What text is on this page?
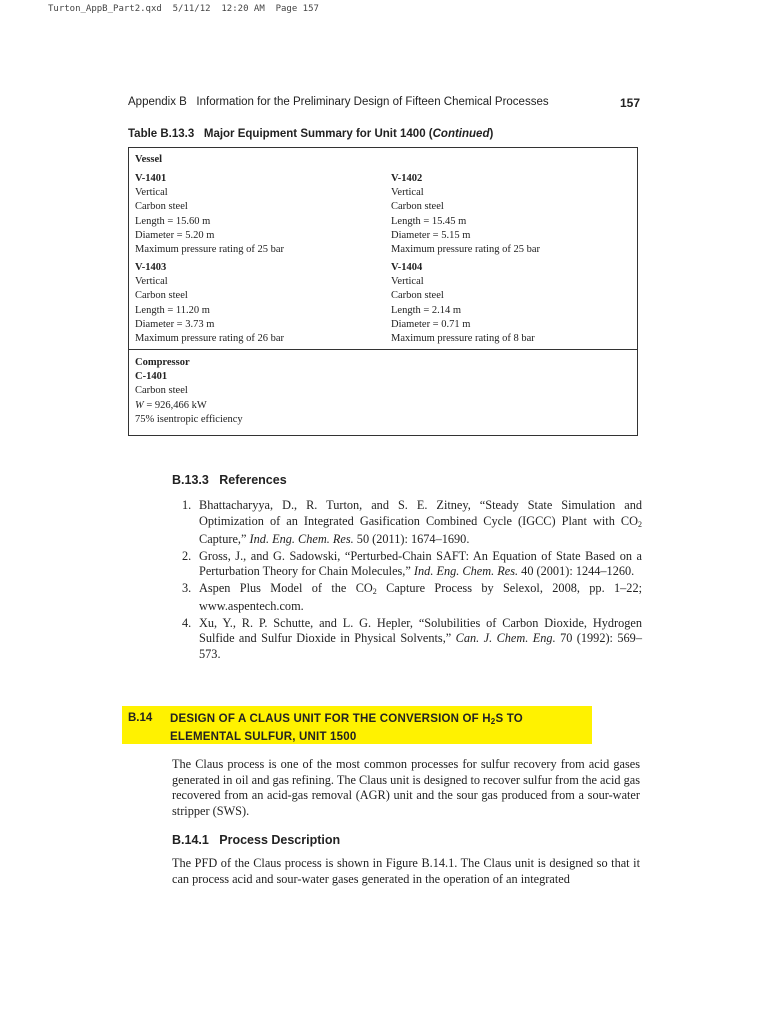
Turton_AppB_Part2.qxd  5/11/12  12:20 AM  Page 157
Appendix B Information for the Preliminary Design of Fifteen Chemical Processes	157
Table B.13.3 Major Equipment Summary for Unit 1400 (Continued)
Vessel
V-1401
Vertical
Carbon steel
Length = 15.60 m
Diameter = 5.20 m
Maximum pressure rating of 25 bar
V-1402
Vertical
Carbon steel
Length = 15.45 m
Diameter = 5.15 m
Maximum pressure rating of 25 bar
V-1403
Vertical
Carbon steel
Length = 11.20 m
Diameter = 3.73 m
Maximum pressure rating of 26 bar
V-1404
Vertical
Carbon steel
Length = 2.14 m
Diameter = 0.71 m
Maximum pressure rating of 8 bar
Compressor
C-1401
Carbon steel
W = 926,466 kW
75% isentropic efficiency
B.13.3   References
1. Bhattacharyya, D., R. Turton, and S. E. Zitney, “Steady State Simulation and Optimization of an Integrated Gasification Combined Cycle (IGCC) Plant with $CO_2$ Capture,” Ind. Eng. Chem. Res. 50 (2011): 1674–1690.
2. Gross, J., and G. Sadowski, “Perturbed-Chain SAFT: An Equation of State Based on a Perturbation Theory for Chain Molecules,” Ind. Eng. Chem. Res. 40 (2001): 1244–1260.
3. Aspen Plus Model of the $CO_2$ Capture Process by Selexol, 2008, pp. 1–22; www.aspentech.com.
4. Xu, Y., R. P. Schutte, and L. G. Hepler, “Solubilities of Carbon Dioxide, Hydrogen Sulfide and Sulfur Dioxide in Physical Solvents,” Can. J. Chem. Eng. 70 (1992): 569–573.
B.14 DESIGN OF A CLAUS UNIT FOR THE CONVERSION OF $H_2S$ TO ELEMENTAL SULFUR, UNIT 1500

The Claus process is one of the most common processes for sulfur recovery from acid gases generated in oil and gas refining. The Claus unit is designed to recover sulfur from the acid gas recovered from an acid-gas removal (AGR) unit and the sour gas produced from a sour-water stripper (SWS).

B.14.1   Process Description

The PFD of the Claus process is shown in Figure B.14.1. The Claus unit is designed so that it can process acid and sour-water gases generated in the operation of an integrated
